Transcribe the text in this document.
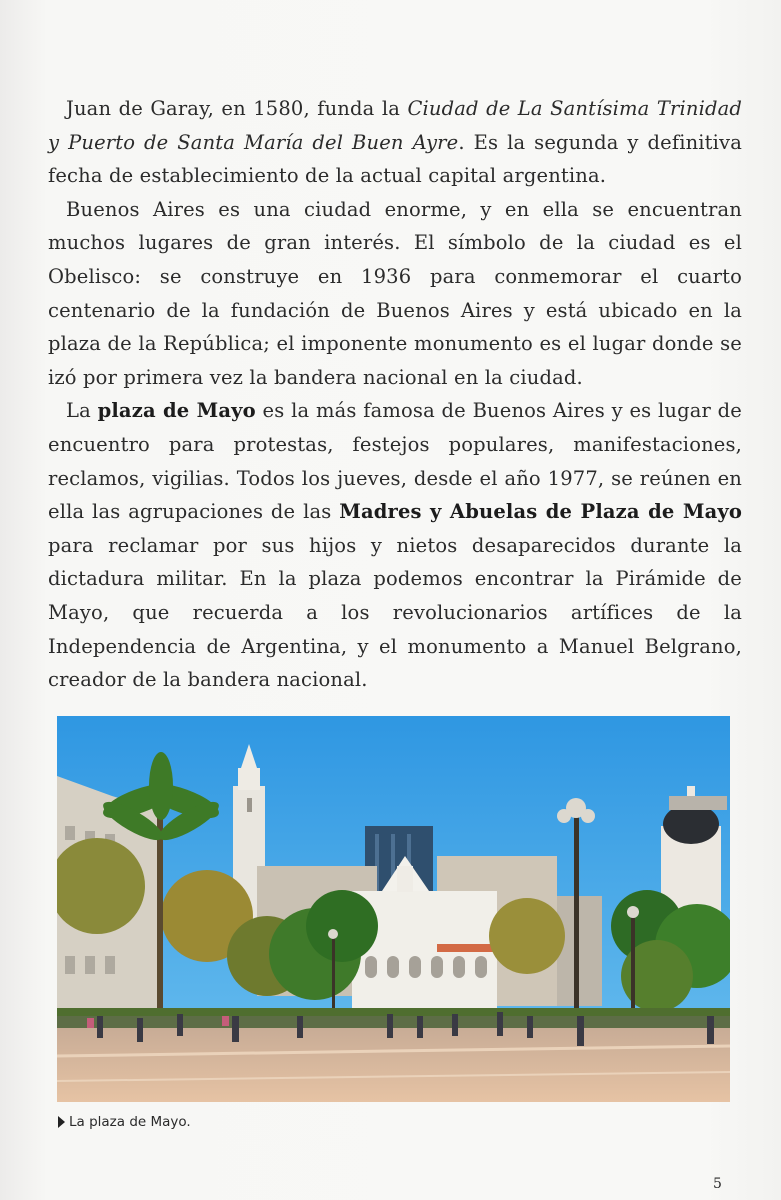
Juan de Garay, en 1580, funda la Ciudad de La Santísima Trinidad y Puerto de Santa María del Buen Ayre. Es la segunda y definitiva fecha de establecimiento de la actual capital argentina.

Buenos Aires es una ciudad enorme, y en ella se encuentran muchos lugares de gran interés. El símbolo de la ciudad es el Obelisco: se construye en 1936 para conmemorar el cuarto centenario de la fundación de Buenos Aires y está ubicado en la plaza de la República; el imponente monumento es el lugar donde se izó por primera vez la bandera nacional en la ciudad.

La plaza de Mayo es la más famosa de Buenos Aires y es lugar de encuentro para protestas, festejos populares, manifestaciones, reclamos, vigilias. Todos los jueves, desde el año 1977, se reúnen en ella las agrupaciones de las Madres y Abuelas de Plaza de Mayo para reclamar por sus hijos y nietos desaparecidos durante la dictadura militar. En la plaza podemos encontrar la Pirámide de Mayo, que recuerda a los revolucionarios artífices de la Independencia de Argentina, y el monumento a Manuel Belgrano, creador de la bandera nacional.

La plaza de Mayo.
5
